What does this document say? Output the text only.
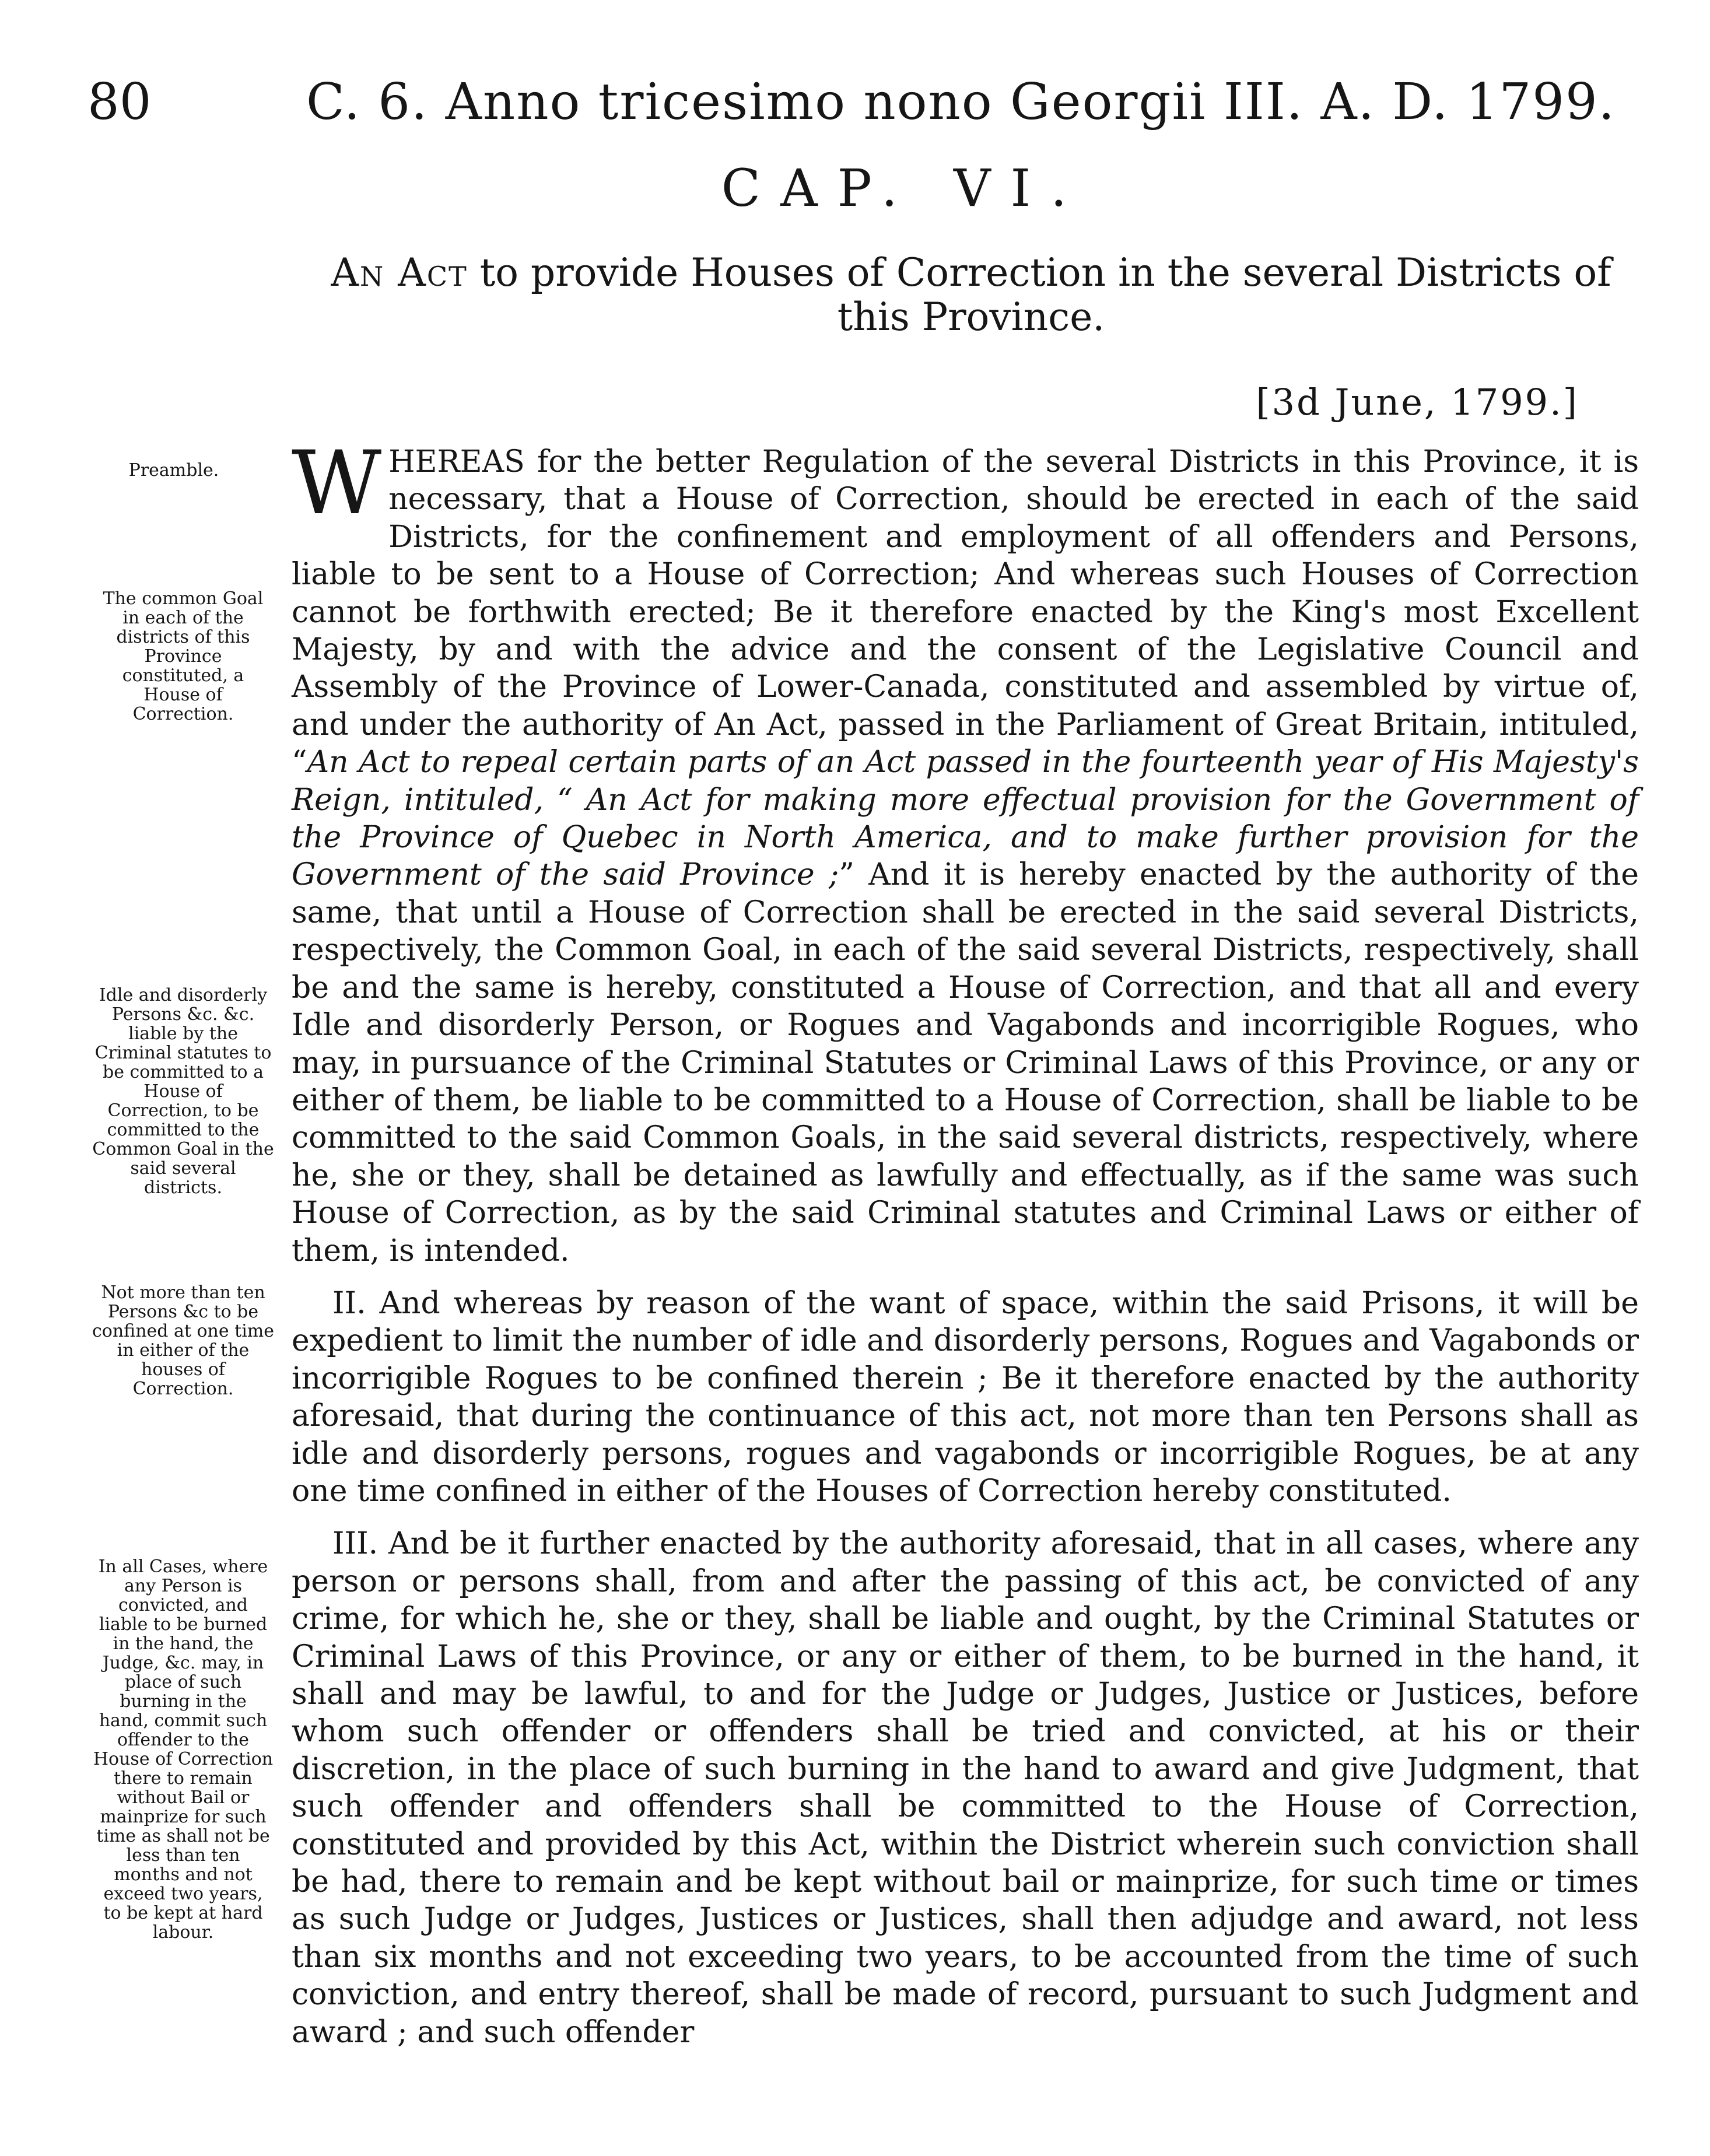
80	C. 6. Anno tricesimo nono Georgii III. A. D. 1799.
CAP. VI.
An Act to provide Houses of Correction in the several Districts of this Province.
[3d June, 1799.]
Preamble.
The common Goal in each of the districts of this Province constituted, a House of Correction.
Idle and disorderly Persons &c. &c. liable by the Criminal statutes to be committed to a House of Correction, to be committed to the Common Goal in the said several districts.
Not more than ten Persons &c to be confined at one time in either of the houses of Correction.
In all Cases, where any Person is convicted, and liable to be burned in the hand, the Judge, &c. may, in place of such burning in the hand, commit such offender to the House of Correction there to remain without Bail or mainprize for such time as shall not be less than ten months and not exceed two years, to be kept at hard labour.

WHEREAS for the better Regulation of the several Districts in this Province, it is necessary, that a House of Correction, should be erected in each of the said Districts, for the confinement and employment of all offenders and Persons, liable to be sent to a House of Correction; And whereas such Houses of Correction cannot be forthwith erected; Be it therefore enacted by the King's most Excellent Majesty, by and with the advice and the consent of the Legislative Council and Assembly of the Province of Lower-Canada, constituted and assembled by virtue of, and under the authority of An Act, passed in the Parliament of Great Britain, intituled, “An Act to repeal certain parts of an Act passed in the fourteenth year of His Majesty's Reign, intituled, “ An Act for making more effectual provision for the Government of the Province of Quebec in North America, and to make further provision for the Government of the said Province ;” And it is hereby enacted by the authority of the same, that until a House of Correction shall be erected in the said several Districts, respectively, the Common Goal, in each of the said several Districts, respectively, shall be and the same is hereby, constituted a House of Correction, and that all and every Idle and disorderly Person, or Rogues and Vagabonds and incorrigible Rogues, who may, in pursuance of the Criminal Statutes or Criminal Laws of this Province, or any or either of them, be liable to be committed to a House of Correction, shall be liable to be committed to the said Common Goals, in the said several districts, respectively, where he, she or they, shall be detained as lawfully and effectually, as if the same was such House of Correction, as by the said Criminal statutes and Criminal Laws or either of them, is intended.

II. And whereas by reason of the want of space, within the said Prisons, it will be expedient to limit the number of idle and disorderly persons, Rogues and Vagabonds or incorrigible Rogues to be confined therein ; Be it therefore enacted by the authority aforesaid, that during the continuance of this act, not more than ten Persons shall as idle and disorderly persons, rogues and vagabonds or incorrigible Rogues, be at any one time confined in either of the Houses of Correction hereby constituted.

III. And be it further enacted by the authority aforesaid, that in all cases, where any person or persons shall, from and after the passing of this act, be convicted of any crime, for which he, she or they, shall be liable and ought, by the Criminal Statutes or Criminal Laws of this Province, or any or either of them, to be burned in the hand, it shall and may be lawful, to and for the Judge or Judges, Justice or Justices, before whom such offender or offenders shall be tried and convicted, at his or their discretion, in the place of such burning in the hand to award and give Judgment, that such offender and offenders shall be committed to the House of Correction, constituted and provided by this Act, within the District wherein such conviction shall be had, there to remain and be kept without bail or mainprize, for such time or times as such Judge or Judges, Justices or Justices, shall then adjudge and award, not less than six months and not exceeding two years, to be accounted from the time of such conviction, and entry thereof, shall be made of record, pursuant to such Judgment and award ; and such offender
